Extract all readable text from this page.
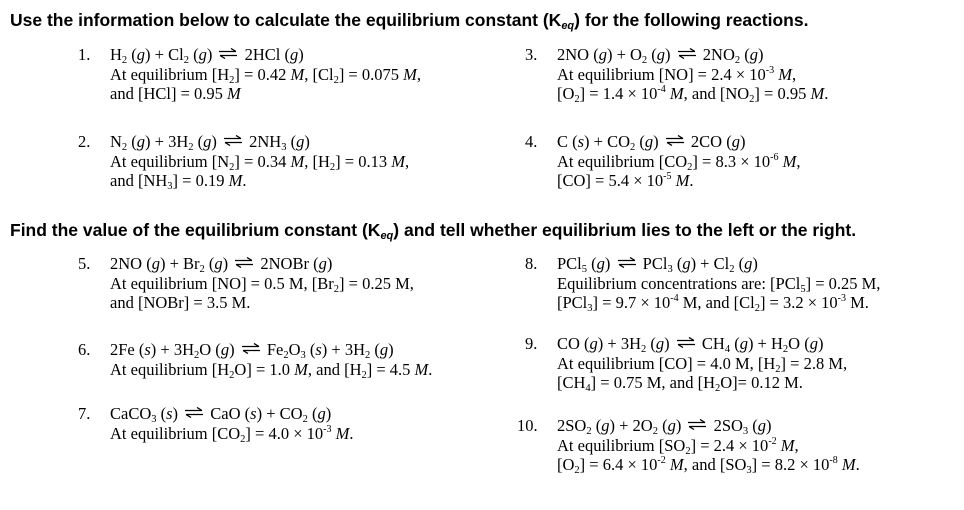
Use the information below to calculate the equilibrium constant $(K_{eq})$ for the following reactions.
Find the value of the equilibrium constant $(K_{eq})$ and tell whether equilibrium lies to the left or the right.
1. $H_2$ $(g) + Cl_2$ (g) ⇌ 2HCl (g)
At equilibrium $[H_2] = 0.42$ M, $[Cl_2] = 0.075$ M,
and [HCl] = 0.95 M
2. $N_2$ $(g) + 3H_2$ (g) ⇌ $2NH_3$ (g)
At equilibrium $[N_2] = 0.34$ M, $[H_2] = 0.13$ M,
and $[NH_3] = 0.19$ M.
3. 2NO $(g) + O_2$ (g) ⇌ $2NO_2$ (g)
At equilibrium $[NO] = 2.4 \times 10^{-3}$ M,
$[O_2] = 1.4 \times 10^{-4}$ M, and $[NO_2] = 0.95$ M.
4. C $(s) + CO_2$ (g) ⇌ 2CO (g)
At equilibrium $[CO_2] = 8.3 \times 10^{-6}$ M,
$[CO] = 5.4 \times 10^{-5}$ M.
5. 2NO $(g) + Br_2$ (g) ⇌ 2NOBr (g)
At equilibrium [NO] = 0.5 M, $[Br_2] = 0.25$ M,
and [NOBr] = 3.5 M.
6. 2Fe $(s) + 3H_2O$ (g) ⇌ $Fe_2O_3$ $(s) + 3H_2$ (g)
At equilibrium $[H_2O] = 1.0$ M, and $[H_2] = 4.5$ M.
7. CaCO$_3$ (s) ⇌ CaO $(s) + CO_2$ (g)
At equilibrium $[CO_2] = 4.0 \times 10^{-3}$ M.
8. PCl$_5$ (g) ⇌ PCl$_3$ $(g) + Cl_2$ (g)
Equilibrium concentrations are: [PCl$_5$] = 0.25 M,
$[PCl_3] = 9.7 \times 10^{-4}$ M, and $[Cl_2] = 3.2 \times 10^{-3}$ M.
9. CO $(g) + 3H_2$ (g) ⇌ $CH_4$ $(g) + H_2O$ (g)
At equilibrium [CO] = 4.0 M, $[H_2] = 2.8$ M,
$[CH_4] = 0.75$ M, and $[H_2O]= 0.12$ M.
10. $2SO_2$ $(g) + 2O_2$ (g) ⇌ $2SO_3$ (g)
At equilibrium $[SO_2] = 2.4 \times 10^{-2}$ M,
$[O_2] = 6.4 \times 10^{-2}$ M, and $[SO_3] = 8.2 \times 10^{-8}$ M.
